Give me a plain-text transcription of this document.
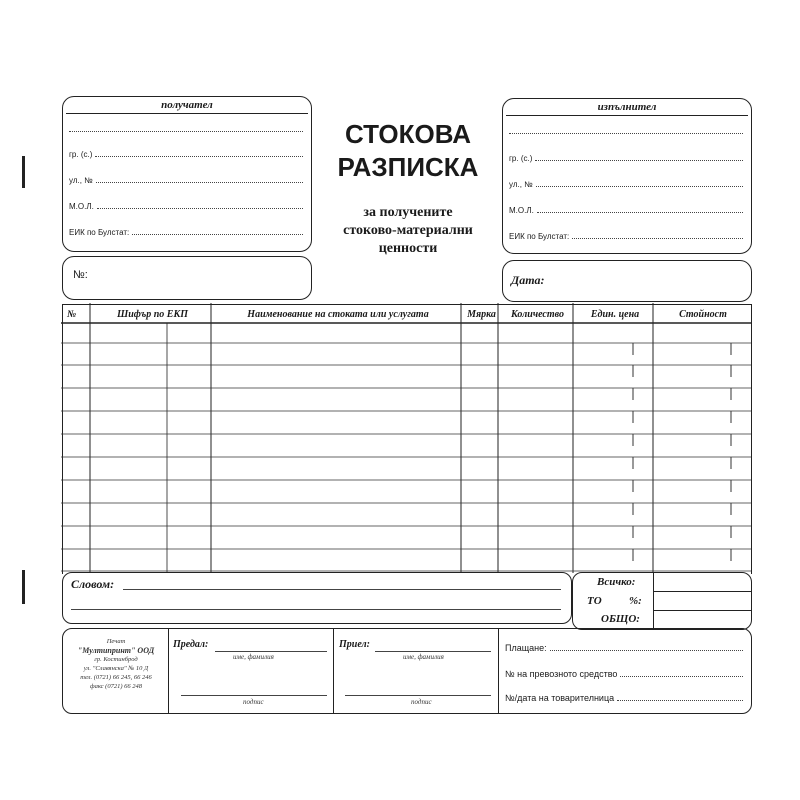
получател
гр. (с.)
ул., №
М.О.Л.
ЕИК по Булстат:
изпълнител
гр. (с.)
ул., №
М.О.Л.
ЕИК по Булстат:
СТОКОВА
РАЗПИСКА
за получените
стоково-материални
ценности
№:	Дата:
№	Шифър по ЕКП	Наименование на стоката или услугата	Мярка	Количество	Един. цена	Стойност
Словом:	Всичко:
ТО %:
ОБЩО:
Печат
"Мултипринт" ООД
гр. Костинброд
ул. "Славянска" № 10 Д
тел. (0721) 66 245, 66 246
факс (0721) 66 248
Предал:
име, фамилия
подпис
Приел:
име, фамилия
подпис
Плащане:
№ на превозното средство
№/дата на товарителница
